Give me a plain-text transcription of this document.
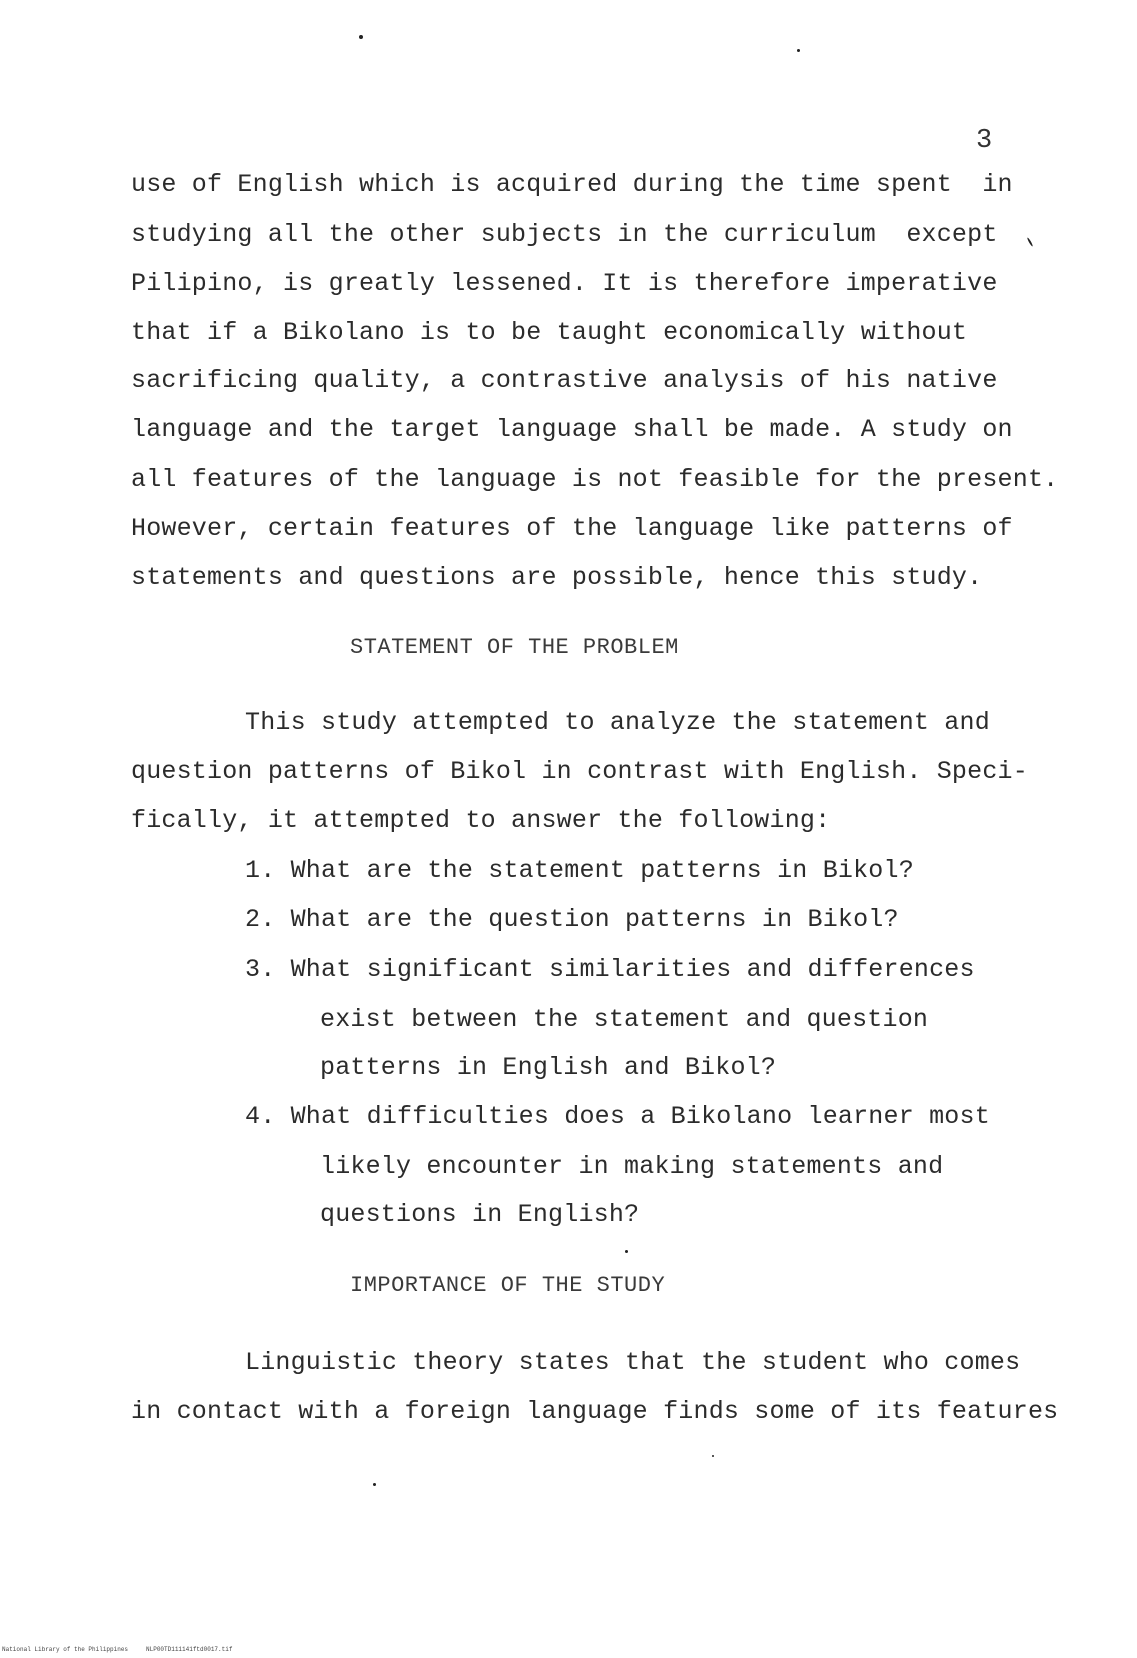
3
use of English which is acquired during the time spent  in
studying all the other subjects in the curriculum  except
Pilipino, is greatly lessened. It is therefore imperative
that if a Bikolano is to be taught economically without
sacrificing quality, a contrastive analysis of his native
language and the target language shall be made. A study on
all features of the language is not feasible for the present.
However, certain features of the language like patterns of
statements and questions are possible, hence this study.
STATEMENT OF THE PROBLEM
This study attempted to analyze the statement and
question patterns of Bikol in contrast with English. Speci-
fically, it attempted to answer the following:
1. What are the statement patterns in Bikol?
2. What are the question patterns in Bikol?
3. What significant similarities and differences
exist between the statement and question
patterns in English and Bikol?
4. What difficulties does a Bikolano learner most
likely encounter in making statements and
questions in English?
IMPORTANCE OF THE STUDY
Linguistic theory states that the student who comes
in contact with a foreign language finds some of its features
National Library of the Philippines     NLP00TD111141ftd0017.tif
